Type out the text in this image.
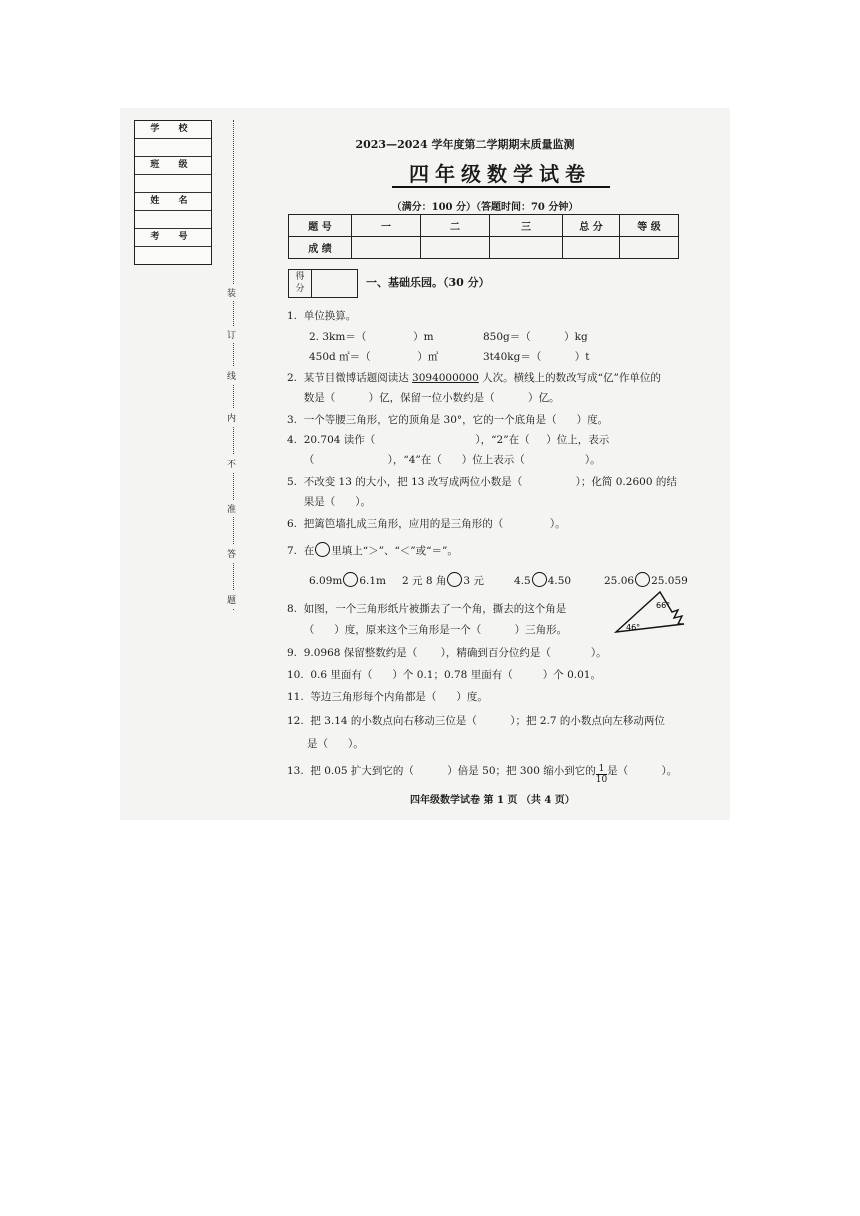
学 校
班 级
姓 名
考 号
装
订
线
内
不
准
答
题
2023—2024 学年度第二学期期末质量监测
四年级数学试卷
（满分：100 分）（答题时间：70 分钟）
题 号	一	二	三	总 分	等 级
成 绩					
得
分	一、基础乐园。（30 分）
1.  单位换算。
2. 3km＝（              ）m	850g＝（          ）kg
450d ㎡＝（              ）㎡	3t40kg＝（          ）t
2.  某节目微博话题阅读达 3094000000 人次。横线上的数改写成“亿”作单位的
数是（          ）亿，保留一位小数约是（          ）亿。
3.  一个等腰三角形，它的顶角是 30°，它的一个底角是（      ）度。
4.  20.704 读作（                              ），“2”在（     ）位上，表示
（                      ），“4”在（      ）位上表示（                  ）。
5.  不改变 13 的大小，把 13 改写成两位小数是（                ）；化简 0.2600 的结
果是（      ）。
6.  把篱笆墙扎成三角形，应用的是三角形的（              ）。
7.  在 里填上“＞”、“＜”或“＝”。
6.09m 6.1m 2 元 8 角 3 元	4.5 4.50	25.06 25.059
8.  如图，一个三角形纸片被撕去了一个角，撕去的这个角是
（      ）度，原来这个三角形是一个（          ）三角形。
66°
46°
9.  9.0968 保留整数约是（       ），精确到百分位约是（            ）。
10.  0.6 里面有（      ）个 0.1；0.78 里面有（         ）个 0.01。
11.  等边三角形每个内角都是（      ）度。
12.  把 3.14 的小数点向右移动三位是（          ）；把 2.7 的小数点向左移动两位
是（      ）。
13.  把 0.05 扩大到它的（          ）倍是 50；把 300 缩小到它的 $\frac{1}{10}$ 是（          ）。
四年级数学试卷 第 1 页 （共 4 页）
